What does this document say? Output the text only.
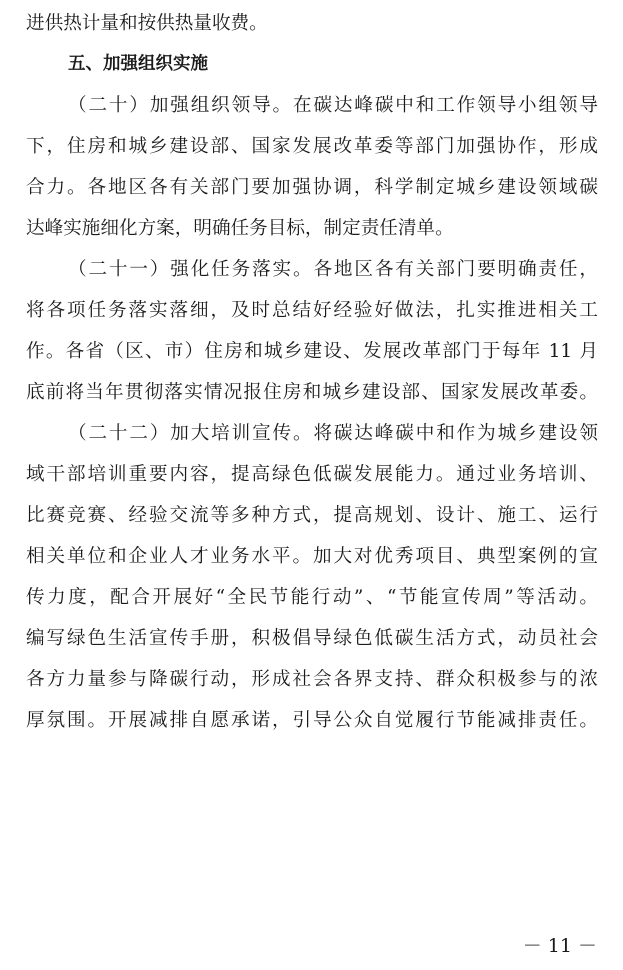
进供热计量和按供热量收费。
五、加强组织实施
（二十）加强组织领导。在碳达峰碳中和工作领导小组领导
下，住房和城乡建设部、国家发展改革委等部门加强协作，形成
合力。各地区各有关部门要加强协调，科学制定城乡建设领域碳
达峰实施细化方案，明确任务目标，制定责任清单。
（二十一）强化任务落实。各地区各有关部门要明确责任，
将各项任务落实落细，及时总结好经验好做法，扎实推进相关工
作。各省（区、市）住房和城乡建设、发展改革部门于每年 11 月
底前将当年贯彻落实情况报住房和城乡建设部、国家发展改革委。
（二十二）加大培训宣传。将碳达峰碳中和作为城乡建设领
域干部培训重要内容，提高绿色低碳发展能力。通过业务培训、
比赛竞赛、经验交流等多种方式，提高规划、设计、施工、运行
相关单位和企业人才业务水平。加大对优秀项目、典型案例的宣
传力度，配合开展好“全民节能行动”、“节能宣传周”等活动。
编写绿色生活宣传手册，积极倡导绿色低碳生活方式，动员社会
各方力量参与降碳行动，形成社会各界支持、群众积极参与的浓
厚氛围。开展减排自愿承诺，引导公众自觉履行节能减排责任。
－ 11 －
